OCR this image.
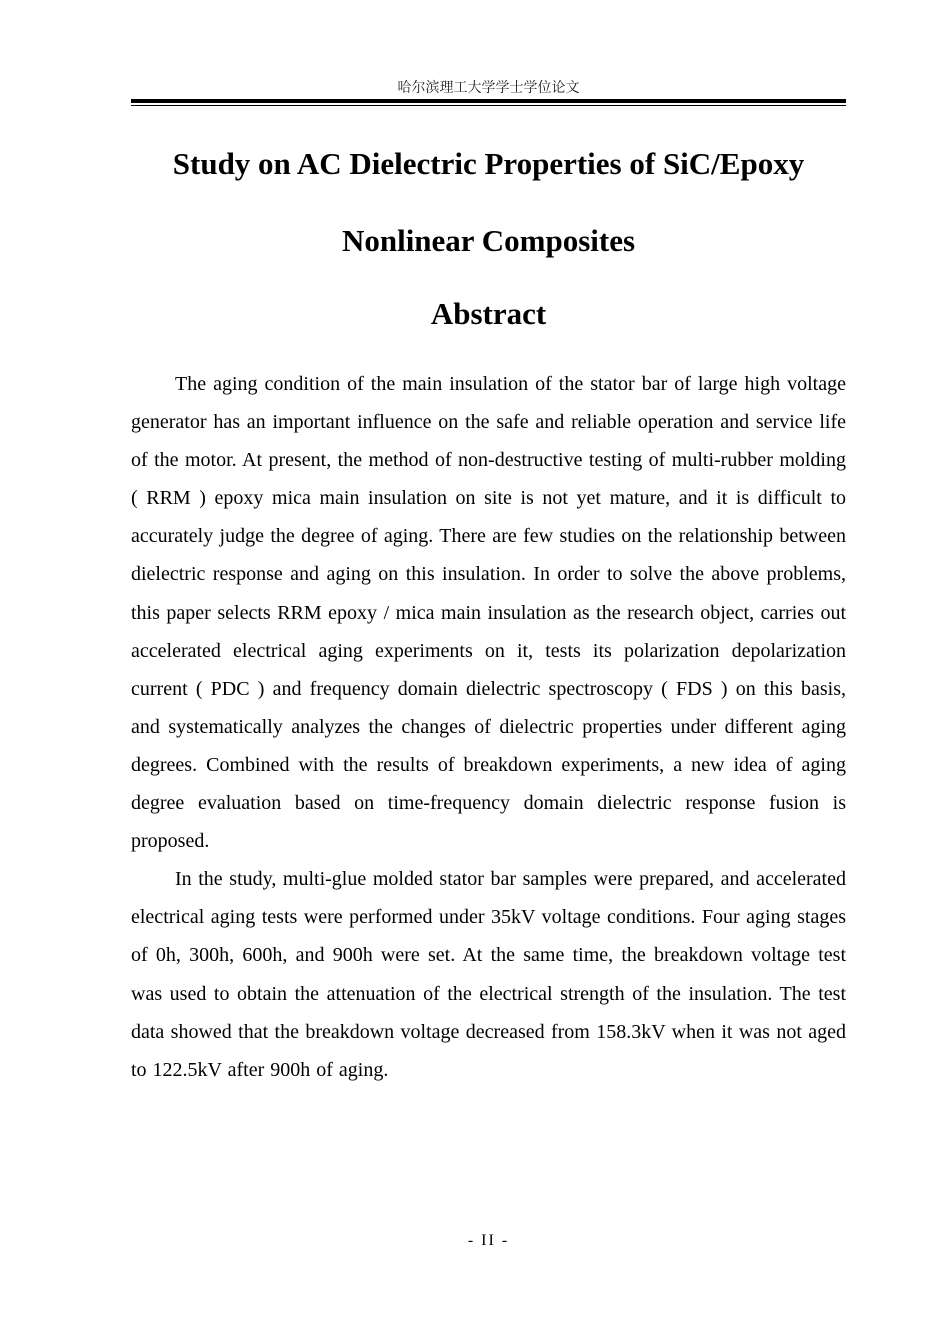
哈尔滨理工大学学士学位论文
Study on AC Dielectric Properties of SiC/Epoxy
Nonlinear Composites
Abstract

The aging condition of the main insulation of the stator bar of large high voltage generator has an important influence on the safe and reliable operation and service life of the motor. At present, the method of non-destructive testing of multi-rubber molding ( RRM ) epoxy mica main insulation on site is not yet mature, and it is difficult to accurately judge the degree of aging. There are few studies on the relationship between dielectric response and aging on this insulation. In order to solve the above problems, this paper selects RRM epoxy / mica main insulation as the research object, carries out accelerated electrical aging experiments on it, tests its polarization depolarization current ( PDC ) and frequency domain dielectric spectroscopy ( FDS ) on this basis, and systematically analyzes the changes of dielectric properties under different aging degrees. Combined with the results of breakdown experiments, a new idea of aging degree evaluation based on time-frequency domain dielectric response fusion is proposed.

In the study, multi-glue molded stator bar samples were prepared, and accelerated electrical aging tests were performed under 35kV voltage conditions. Four aging stages of 0h, 300h, 600h, and 900h were set. At the same time, the breakdown voltage test was used to obtain the attenuation of the electrical strength of the insulation. The test data showed that the breakdown voltage decreased from 158.3kV when it was not aged to 122.5kV after 900h of aging.

- II -
